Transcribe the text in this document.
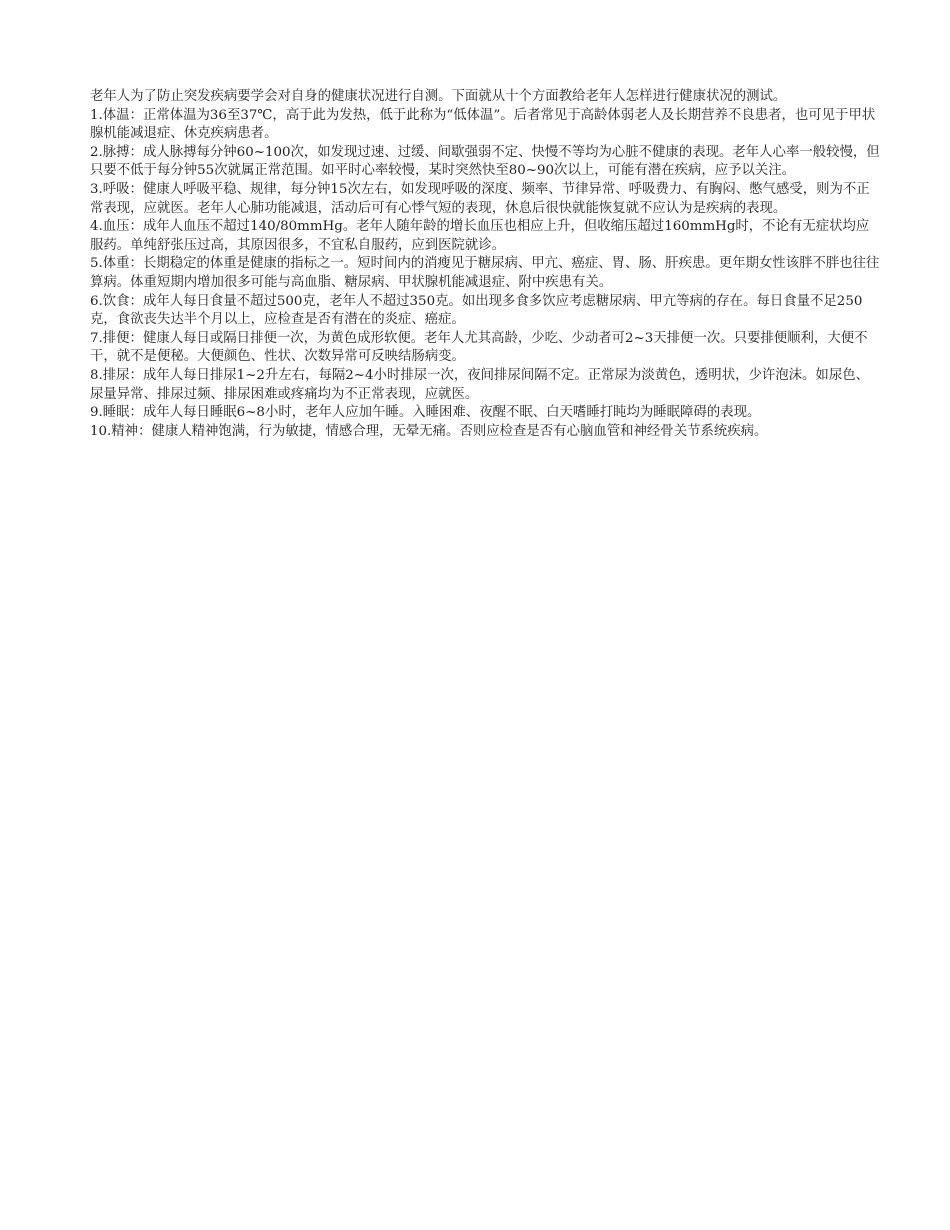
老年人为了防止突发疾病要学会对自身的健康状况进行自测。下面就从十个方面教给老年人怎样进行健康状况的测试。

1.体温：正常体温为36至37℃，高于此为发热，低于此称为“低体温”。后者常见于高龄体弱老人及长期营养不良患者，也可见于甲状腺机能减退症、休克疾病患者。

2.脉搏：成人脉搏每分钟60~100次，如发现过速、过缓、间歇强弱不定、快慢不等均为心脏不健康的表现。老年人心率一般较慢，但只要不低于每分钟55次就属正常范围。如平时心率较慢，某时突然快至80~90次以上，可能有潜在疾病，应予以关注。

3.呼吸：健康人呼吸平稳、规律，每分钟15次左右，如发现呼吸的深度、频率、节律异常、呼吸费力、有胸闷、憋气感受，则为不正常表现，应就医。老年人心肺功能减退，活动后可有心悸气短的表现，休息后很快就能恢复就不应认为是疾病的表现。

4.血压：成年人血压不超过140/80mmHg。老年人随年龄的增长血压也相应上升，但收缩压超过160mmHg时，不论有无症状均应服药。单纯舒张压过高，其原因很多，不宜私自服药，应到医院就诊。

5.体重：长期稳定的体重是健康的指标之一。短时间内的消瘦见于糖尿病、甲亢、癌症、胃、肠、肝疾患。更年期女性该胖不胖也往往算病。体重短期内增加很多可能与高血脂、糖尿病、甲状腺机能减退症、附中疾患有关。

6.饮食：成年人每日食量不超过500克，老年人不超过350克。如出现多食多饮应考虑糖尿病、甲亢等病的存在。每日食量不足250克，食欲丧失达半个月以上，应检查是否有潜在的炎症、癌症。

7.排便：健康人每日或隔日排便一次，为黄色成形软便。老年人尤其高龄，少吃、少动者可2~3天排便一次。只要排便顺利，大便不干，就不是便秘。大便颜色、性状、次数异常可反映结肠病变。

8.排尿：成年人每日排尿1~2升左右，每隔2~4小时排尿一次，夜间排尿间隔不定。正常尿为淡黄色，透明状，少许泡沫。如尿色、尿量异常、排尿过频、排尿困难或疼痛均为不正常表现，应就医。

9.睡眠：成年人每日睡眠6~8小时，老年人应加午睡。入睡困难、夜醒不眠、白天嗜睡打盹均为睡眠障碍的表现。

10.精神：健康人精神饱满，行为敏捷，情感合理，无晕无痛。否则应检查是否有心脑血管和神经骨关节系统疾病。
